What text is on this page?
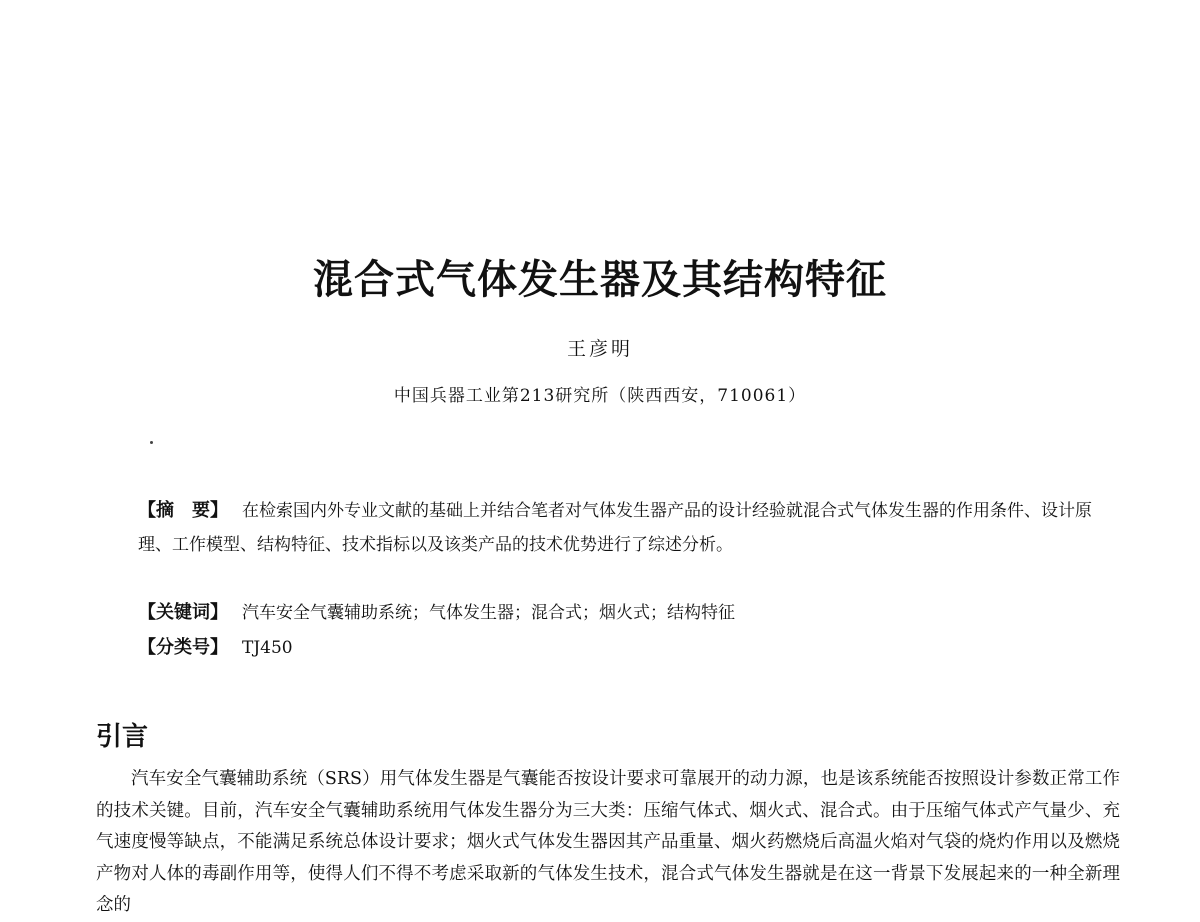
混合式气体发生器及其结构特征
王彦明
中国兵器工业第213研究所（陕西西安，710061）
【摘　要】 在检索国内外专业文献的基础上并结合笔者对气体发生器产品的设计经验就混合式气体发生器的作用条件、设计原理、工作模型、结构特征、技术指标以及该类产品的技术优势进行了综述分析。
【关键词】 汽车安全气囊辅助系统；气体发生器；混合式；烟火式；结构特征
【分类号】 TJ450
引言

汽车安全气囊辅助系统（SRS）用气体发生器是气囊能否按设计要求可靠展开的动力源，也是该系统能否按照设计参数正常工作的技术关键。目前，汽车安全气囊辅助系统用气体发生器分为三大类：压缩气体式、烟火式、混合式。由于压缩气体式产气量少、充气速度慢等缺点，不能满足系统总体设计要求；烟火式气体发生器因其产品重量、烟火药燃烧后高温火焰对气袋的烧灼作用以及燃烧产物对人体的毒副作用等，使得人们不得不考虑采取新的气体发生技术，混合式气体发生器就是在这一背景下发展起来的一种全新理念的
